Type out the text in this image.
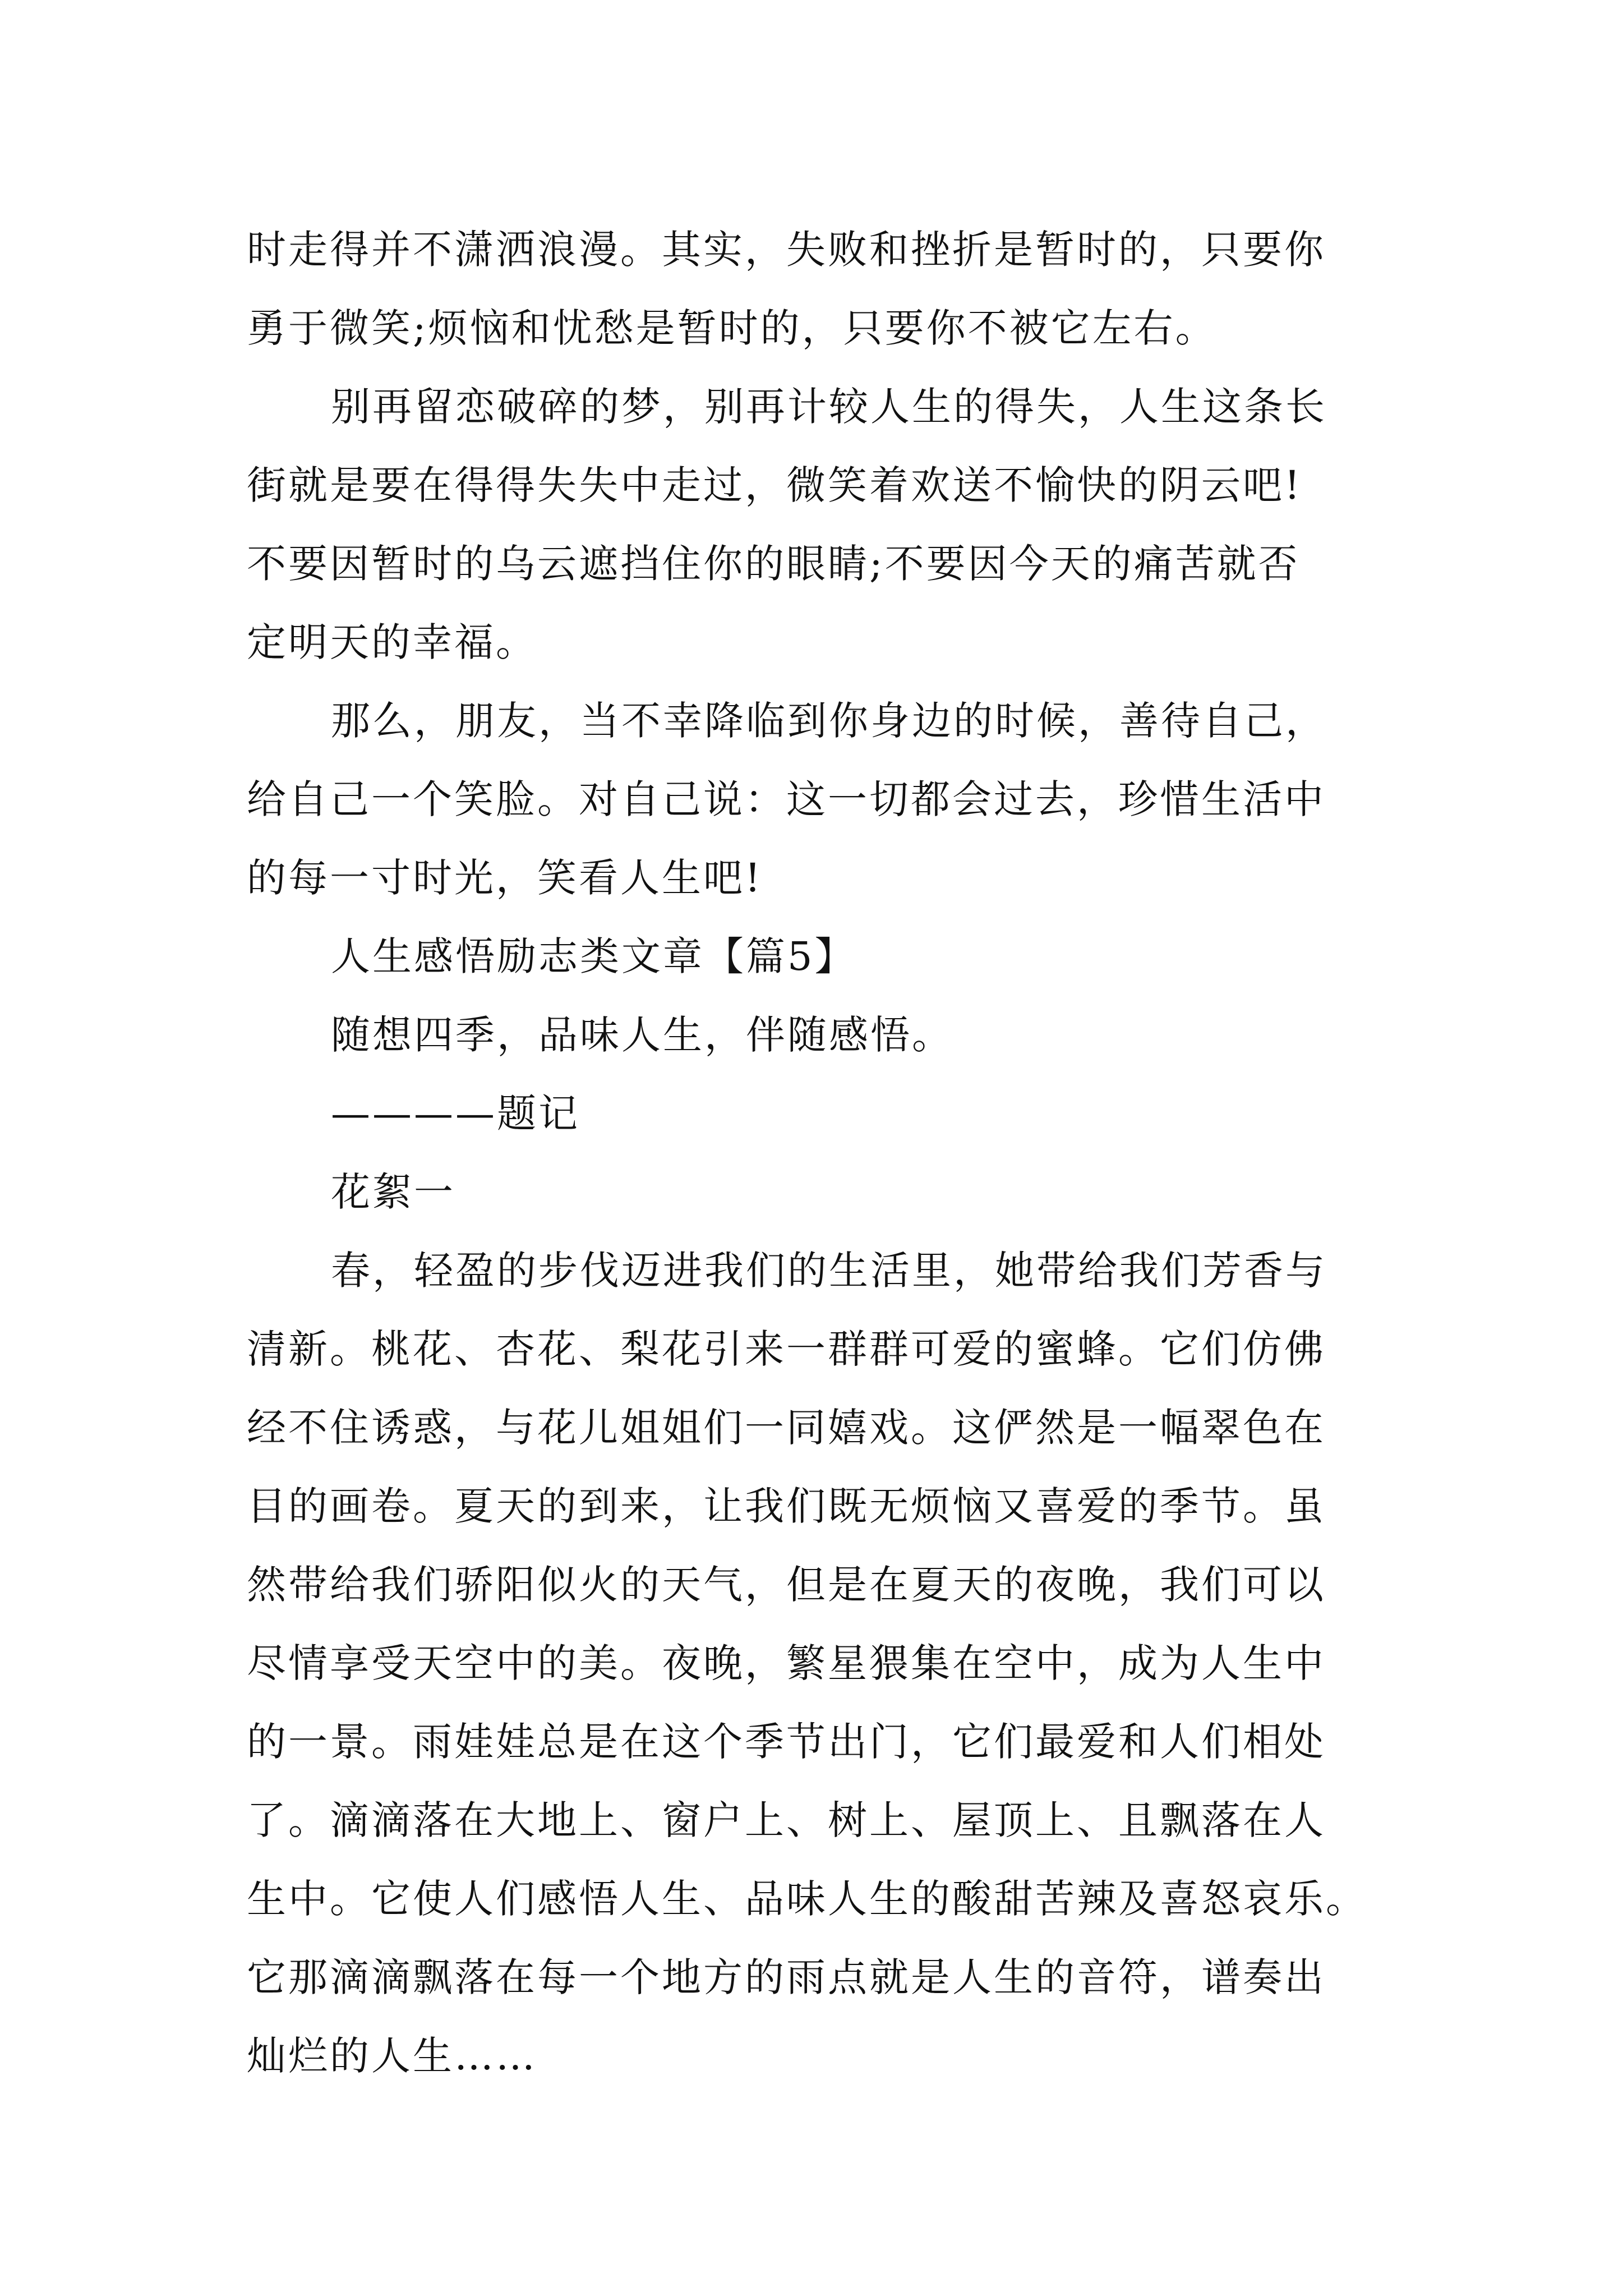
时走得并不潇洒浪漫。其实，失败和挫折是暂时的，只要你
勇于微笑;烦恼和忧愁是暂时的，只要你不被它左右。
别再留恋破碎的梦，别再计较人生的得失，人生这条长
街就是要在得得失失中走过，微笑着欢送不愉快的阴云吧!
不要因暂时的乌云遮挡住你的眼睛;不要因今天的痛苦就否
定明天的幸福。
那么，朋友，当不幸降临到你身边的时候，善待自己，
给自己一个笑脸。对自己说：这一切都会过去，珍惜生活中
的每一寸时光，笑看人生吧!
人生感悟励志类文章【篇5】
随想四季，品味人生，伴随感悟。
————题记
花絮一
春，轻盈的步伐迈进我们的生活里，她带给我们芳香与
清新。桃花、杏花、梨花引来一群群可爱的蜜蜂。它们仿佛
经不住诱惑，与花儿姐姐们一同嬉戏。这俨然是一幅翠色在
目的画卷。夏天的到来，让我们既无烦恼又喜爱的季节。虽
然带给我们骄阳似火的天气，但是在夏天的夜晚，我们可以
尽情享受天空中的美。夜晚，繁星猥集在空中，成为人生中
的一景。雨娃娃总是在这个季节出门，它们最爱和人们相处
了。滴滴落在大地上、窗户上、树上、屋顶上、且飘落在人
生中。它使人们感悟人生、品味人生的酸甜苦辣及喜怒哀乐。
它那滴滴飘落在每一个地方的雨点就是人生的音符，谱奏出
灿烂的人生……
